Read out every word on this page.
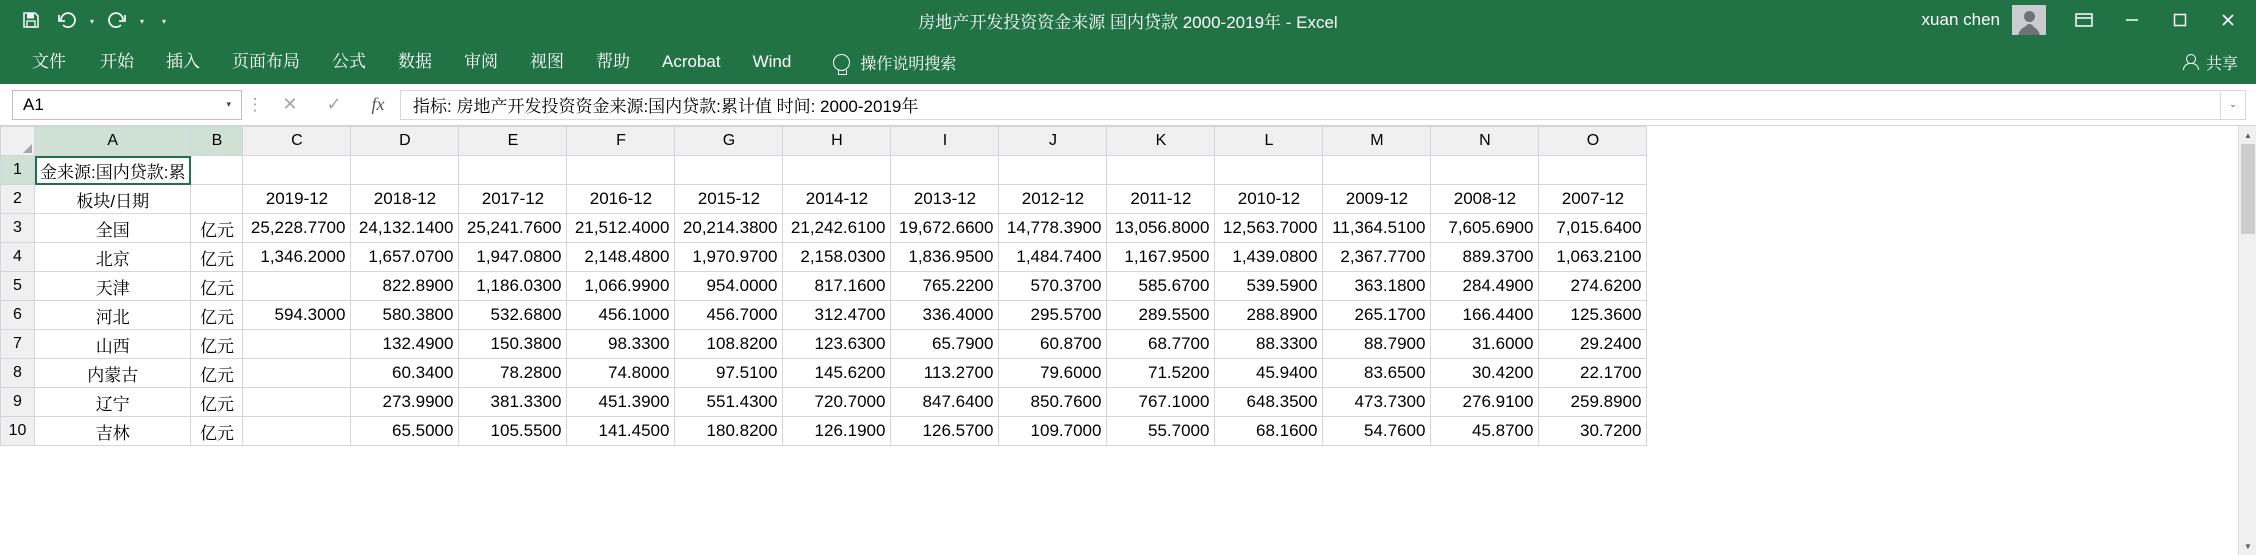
▾	▾	▾	房地产开发投资资金来源 国内贷款 2000-2019年 - Excel	xuan chen
文件	开始	插入	页面布局	公式	数据	审阅	视图	帮助	Acrobat	Wind	操作说明搜索	共享
A1	▾ ⋮	✕	✓	fx	指标: 房地产开发投资资金来源:国内贷款:累计值 时间: 2000-2019年	⌄
	A	B	C	D	E	F	G	H	I	J	K	L	M	N	O
1	金来源:国内贷款:累														
2	板块/日期		2019-12	2018-12	2017-12	2016-12	2015-12	2014-12	2013-12	2012-12	2011-12	2010-12	2009-12	2008-12	2007-12
3	全国	亿元	25,228.7700	24,132.1400	25,241.7600	21,512.4000	20,214.3800	21,242.6100	19,672.6600	14,778.3900	13,056.8000	12,563.7000	11,364.5100	7,605.6900	7,015.6400
4	北京	亿元	1,346.2000	1,657.0700	1,947.0800	2,148.4800	1,970.9700	2,158.0300	1,836.9500	1,484.7400	1,167.9500	1,439.0800	2,367.7700	889.3700	1,063.2100
5	天津	亿元		822.8900	1,186.0300	1,066.9900	954.0000	817.1600	765.2200	570.3700	585.6700	539.5900	363.1800	284.4900	274.6200
6	河北	亿元	594.3000	580.3800	532.6800	456.1000	456.7000	312.4700	336.4000	295.5700	289.5500	288.8900	265.1700	166.4400	125.3600
7	山西	亿元		132.4900	150.3800	98.3300	108.8200	123.6300	65.7900	60.8700	68.7700	88.3300	88.7900	31.6000	29.2400
8	内蒙古	亿元		60.3400	78.2800	74.8000	97.5100	145.6200	113.2700	79.6000	71.5200	45.9400	83.6500	30.4200	22.1700
9	辽宁	亿元		273.9900	381.3300	451.3900	551.4300	720.7000	847.6400	850.7600	767.1000	648.3500	473.7300	276.9100	259.8900
10	吉林	亿元		65.5000	105.5500	141.4500	180.8200	126.1900	126.5700	109.7000	55.7000	68.1600	54.7600	45.8700	30.7200
▲
▼
